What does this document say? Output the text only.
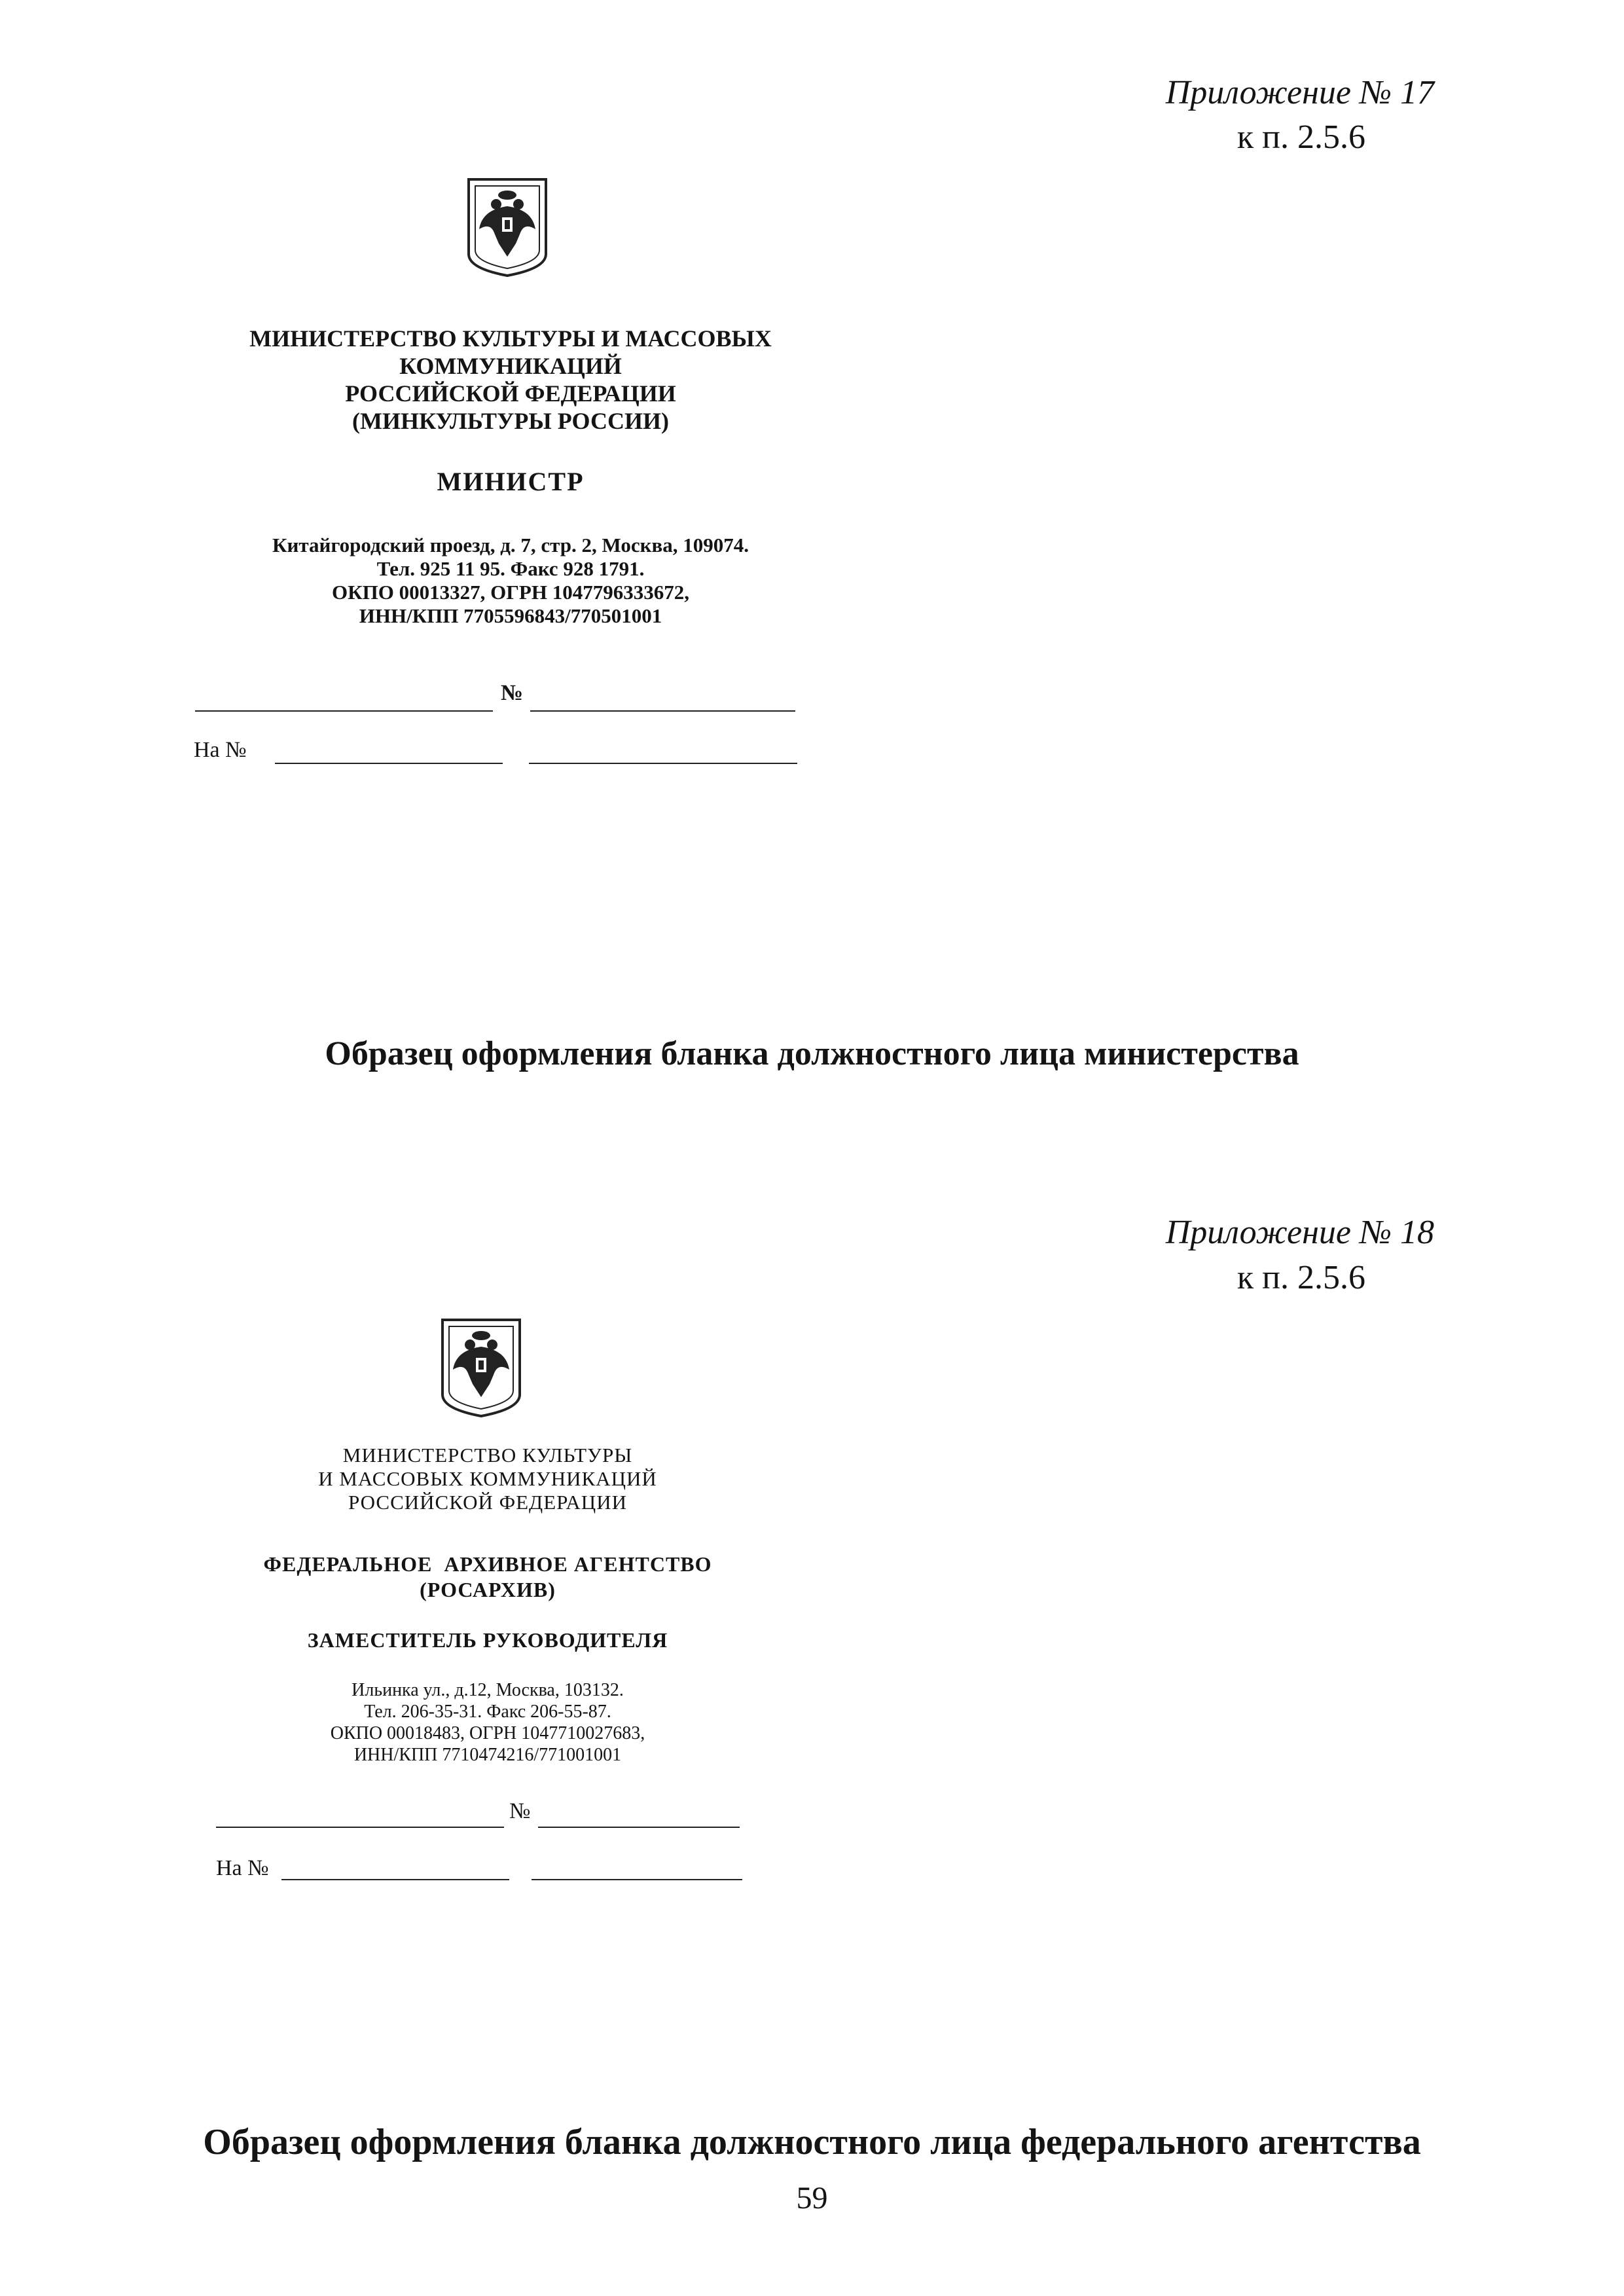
Приложение № 17
к п. 2.5.6
МИНИСТЕРСТВО КУЛЬТУРЫ И МАССОВЫХ
КОММУНИКАЦИЙ
РОССИЙСКОЙ ФЕДЕРАЦИИ
(МИНКУЛЬТУРЫ РОССИИ)
МИНИСТР
Китайгородский проезд, д. 7, стр. 2, Москва, 109074.
Тел. 925 11 95. Факс 928 1791.
ОКПО 00013327, ОГРН 1047796333672,
ИНН/КПП 7705596843/770501001
№
На №
Образец оформления бланка должностного лица министерства
Приложение № 18
к п. 2.5.6
МИНИСТЕРСТВО КУЛЬТУРЫ
И МАССОВЫХ КОММУНИКАЦИЙ
РОССИЙСКОЙ ФЕДЕРАЦИИ
ФЕДЕРАЛЬНОЕ  АРХИВНОЕ АГЕНТСТВО
(РОСАРХИВ)
ЗАМЕСТИТЕЛЬ РУКОВОДИТЕЛЯ
Ильинка ул., д.12, Москва, 103132.
Тел. 206-35-31. Факс 206-55-87.
ОКПО 00018483, ОГРН 1047710027683,
ИНН/КПП 7710474216/771001001
№
На №
Образец оформления бланка должностного лица федерального агентства
59
